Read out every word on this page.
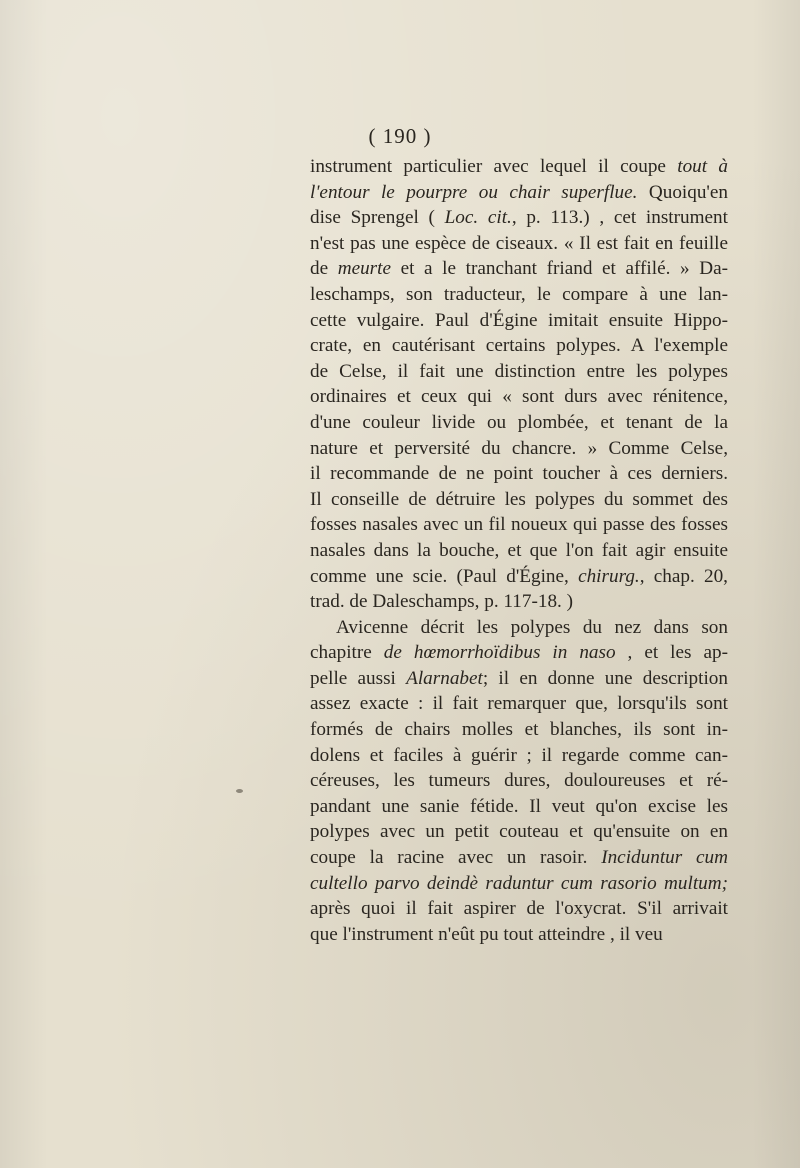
( 190 )
instrument particulier avec lequel il coupe tout à
l'entour le pourpre ou chair superflue. Quoiqu'en
dise Sprengel ( Loc. cit., p. 113.) , cet instrument
n'est pas une espèce de ciseaux. « Il est fait en feuille
de meurte et a le tranchant friand et affilé. » Da-
leschamps, son traducteur, le compare à une lan-
cette vulgaire. Paul d'Égine imitait ensuite Hippo-
crate, en cautérisant certains polypes. A l'exemple
de Celse, il fait une distinction entre les polypes
ordinaires et ceux qui « sont durs avec rénitence,
d'une couleur livide ou plombée, et tenant de la
nature et perversité du chancre. » Comme Celse,
il recommande de ne point toucher à ces derniers.
Il conseille de détruire les polypes du sommet des
fosses nasales avec un fil noueux qui passe des fosses
nasales dans la bouche, et que l'on fait agir ensuite
comme une scie. (Paul d'Égine, chirurg., chap. 20,
trad. de Daleschamps, p. 117-18. )
Avicenne décrit les polypes du nez dans son
chapitre de hœmorrhoïdibus in naso , et les ap-
pelle aussi Alarnabet; il en donne une description
assez exacte : il fait remarquer que, lorsqu'ils sont
formés de chairs molles et blanches, ils sont in-
dolens et faciles à guérir ; il regarde comme can-
céreuses, les tumeurs dures, douloureuses et ré-
pandant une sanie fétide. Il veut qu'on excise les
polypes avec un petit couteau et qu'ensuite on en
coupe la racine avec un rasoir. Inciduntur cum
cultello parvo deindè raduntur cum rasorio multum;
après quoi il fait aspirer de l'oxycrat. S'il arrivait
que l'instrument n'eût pu tout atteindre , il veu
